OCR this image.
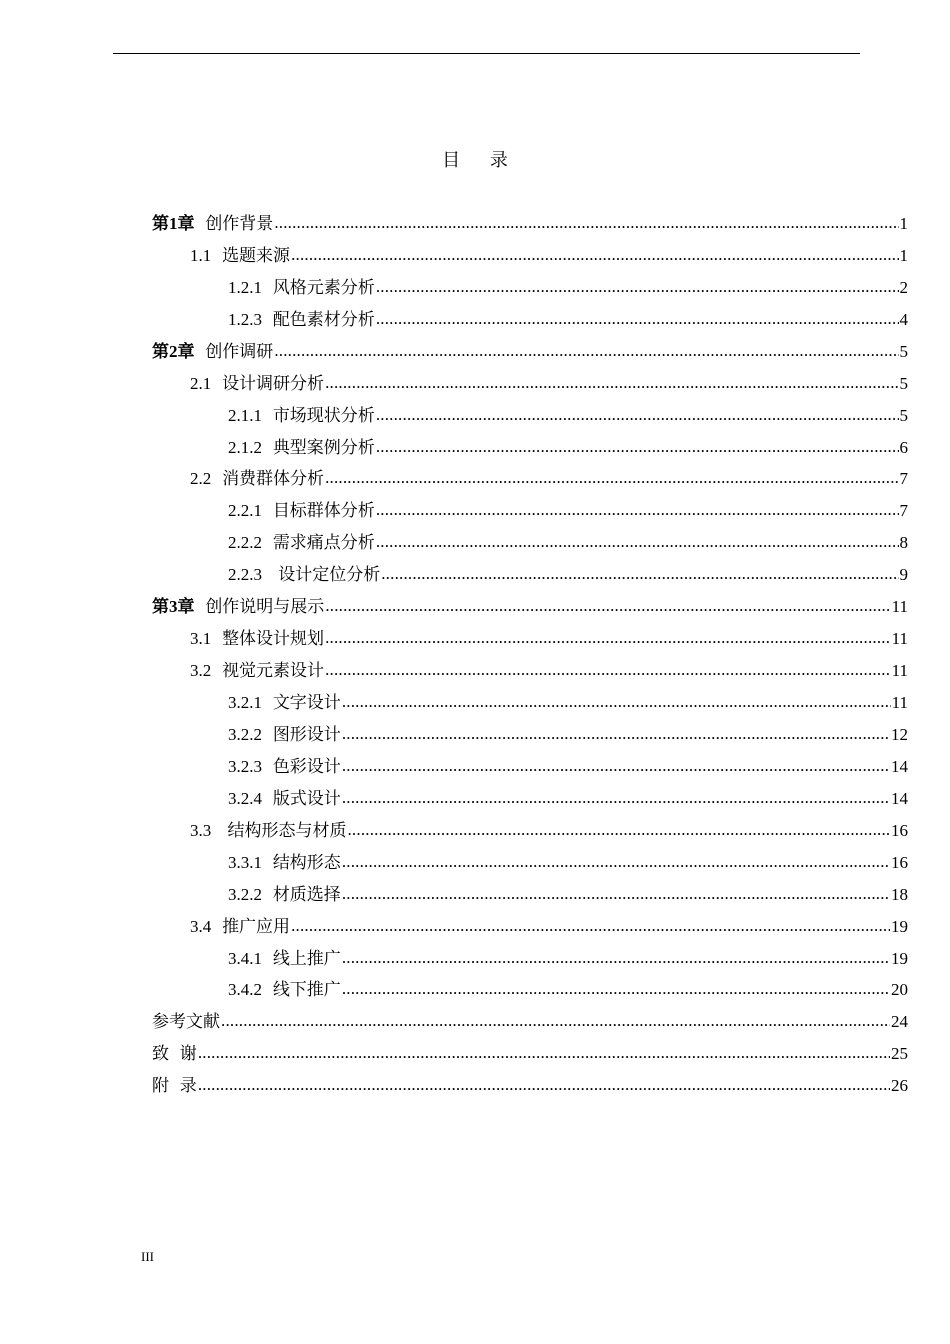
目 录
第1章 创作背景 .....	1
1.1 选题来源 .....	1
1.2.1 风格元素分析 .....	2
1.2.3 配色素材分析 .....	4
第2章 创作调研 .....	5
2.1 设计调研分析 .....	5
2.1.1 市场现状分析 .....	5
2.1.2 典型案例分析 .....	6
2.2 消费群体分析 .....	7
2.2.1 目标群体分析 .....	7
2.2.2 需求痛点分析 .....	8
2.2.3   设计定位分析 .....	9
第3章 创作说明与展示 .....	11
3.1 整体设计规划 .....	11
3.2 视觉元素设计 .....	11
3.2.1 文字设计 .....	11
3.2.2 图形设计 .....	12
3.2.3 色彩设计 .....	14
3.2.4 版式设计 .....	14
3.3   结构形态与材质 .....	16
3.3.1 结构形态 .....	16
3.2.2 材质选择 .....	18
3.4 推广应用 .....	19
3.4.1 线上推广 .....	19
3.4.2 线下推广 .....	20
参考文献 .....	24
致  谢 .....	25
附  录 .....	26
III
